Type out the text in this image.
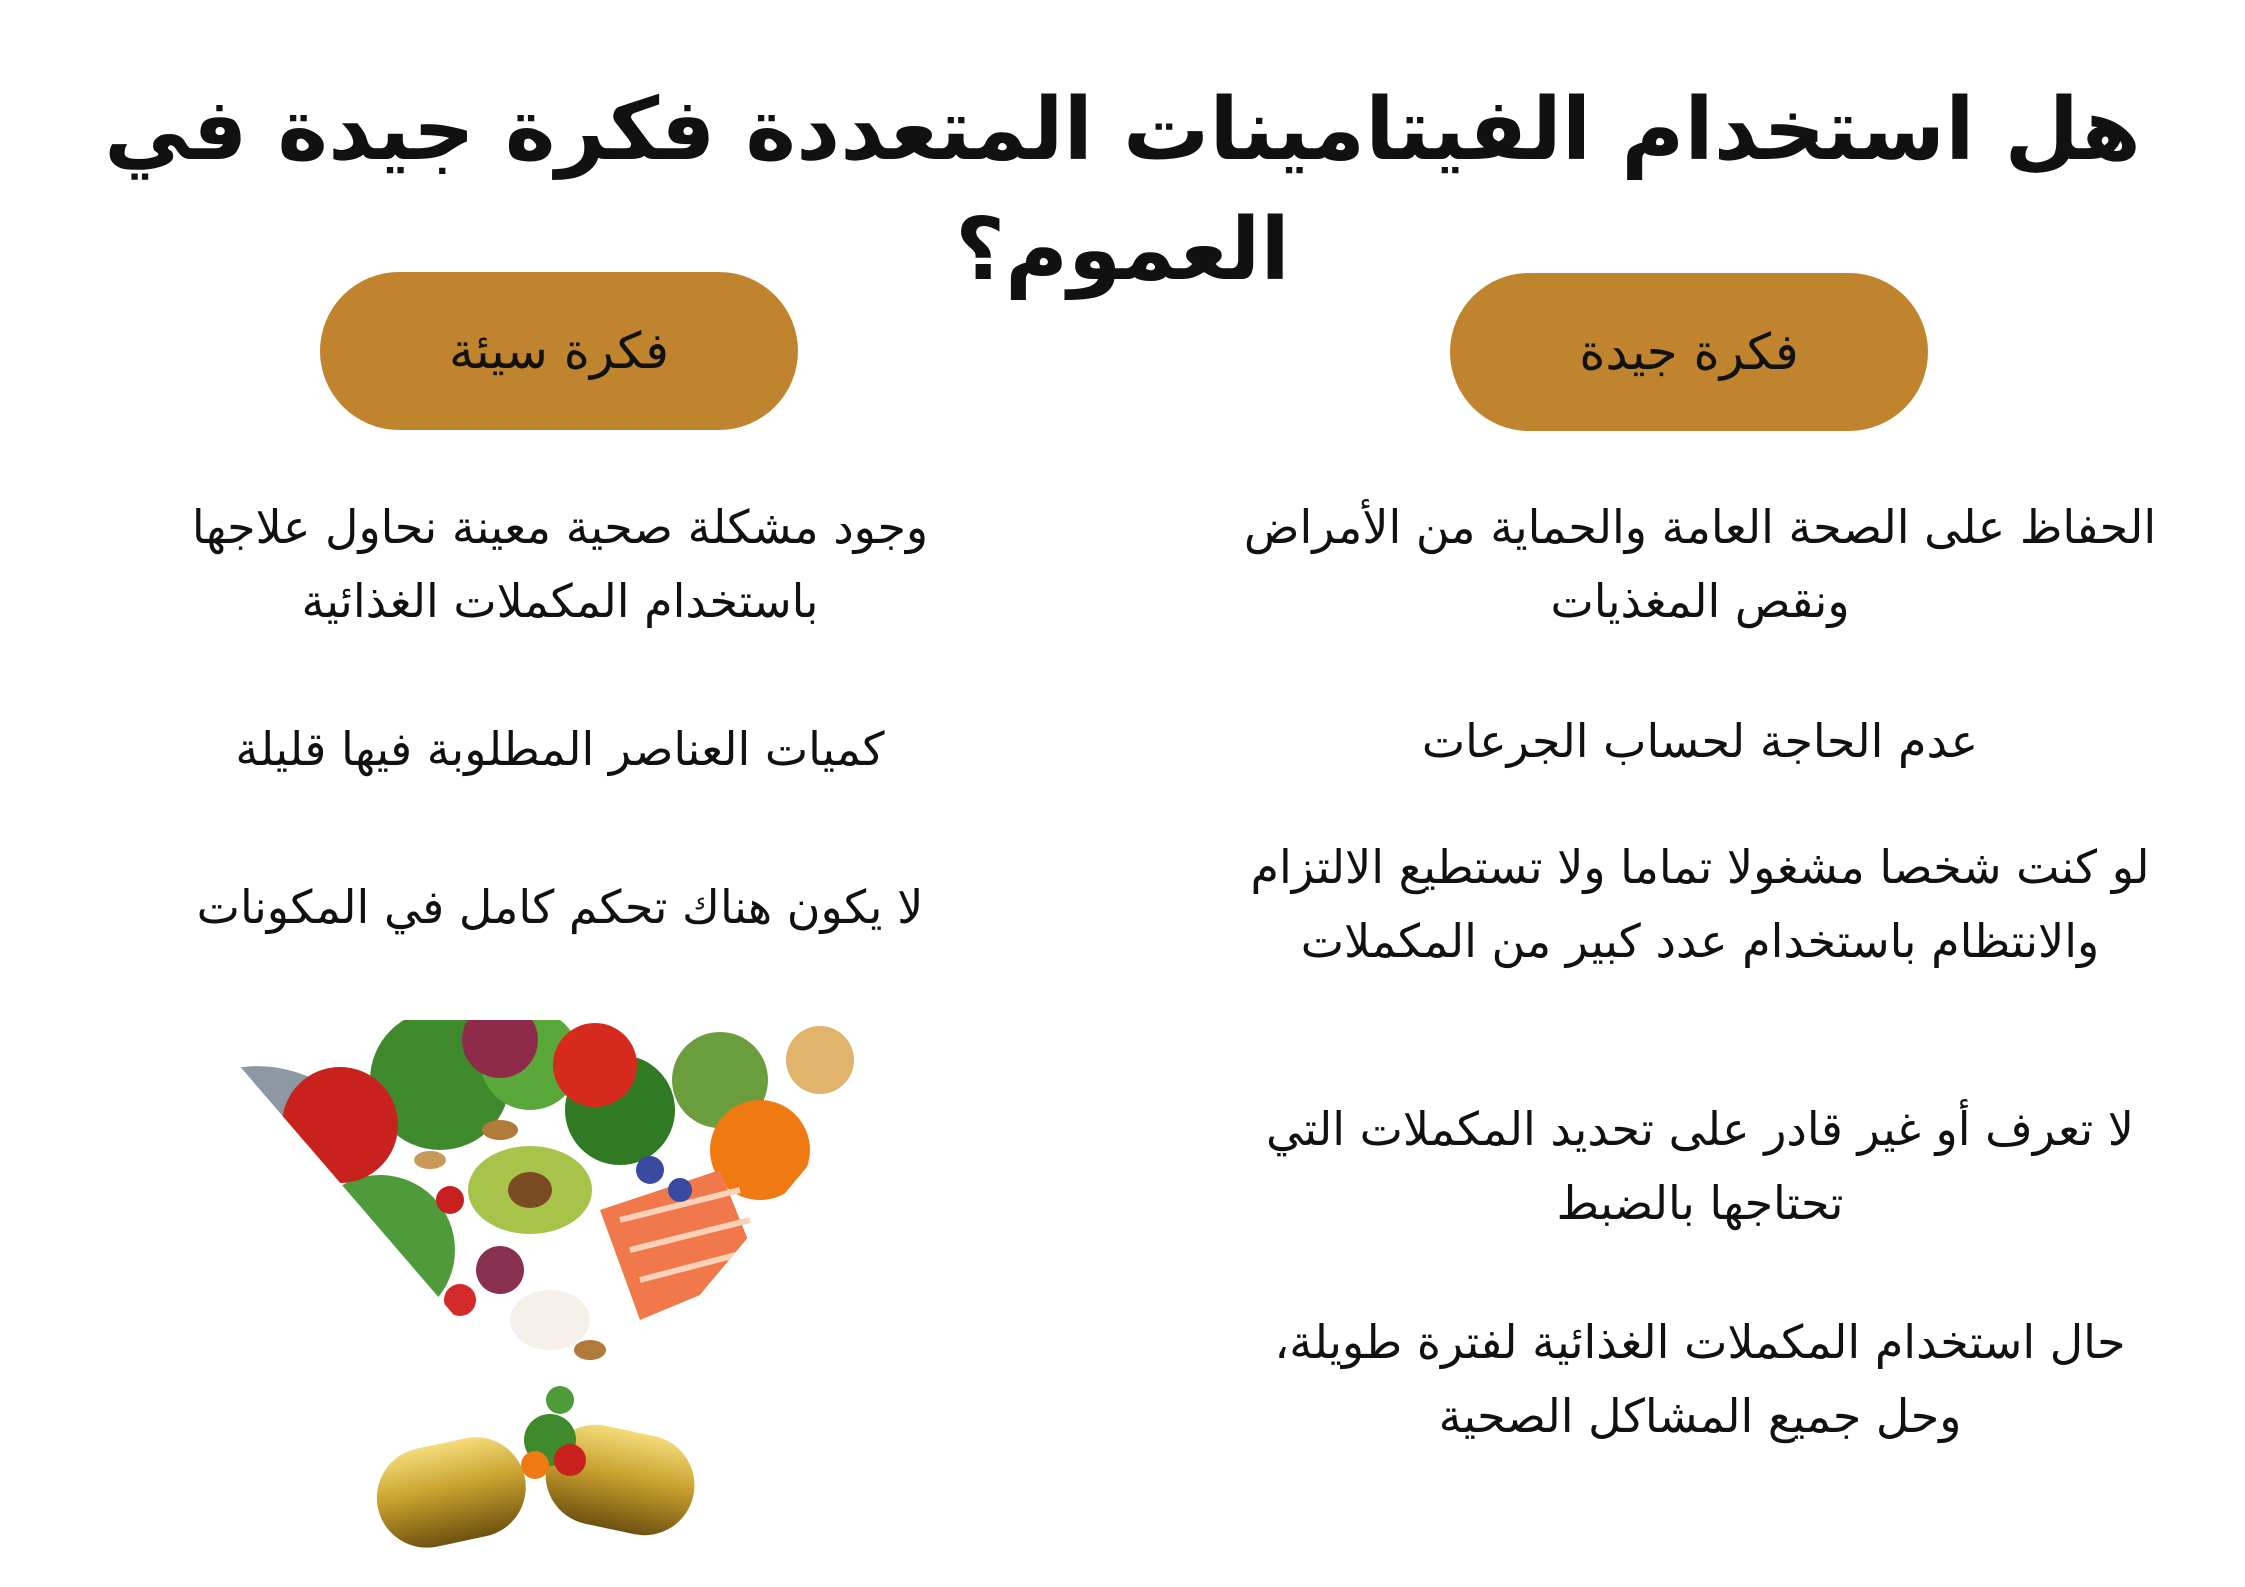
هل استخدام الفيتامينات المتعددة فكرة جيدة في العموم؟
فكرة سيئة

وجود مشكلة صحية معينة نحاول علاجها باستخدام المكملات الغذائية

كميات العناصر المطلوبة فيها قليلة

لا يكون هناك تحكم كامل في المكونات

فكرة جيدة

الحفاظ على الصحة العامة والحماية من الأمراض ونقص المغذيات

عدم الحاجة لحساب الجرعات

لو كنت شخصا مشغولا تماما ولا تستطيع الالتزام والانتظام باستخدام عدد كبير من المكملات

لا تعرف أو غير قادر على تحديد المكملات التي تحتاجها بالضبط

حال استخدام المكملات الغذائية لفترة طويلة، وحل جميع المشاكل الصحية
